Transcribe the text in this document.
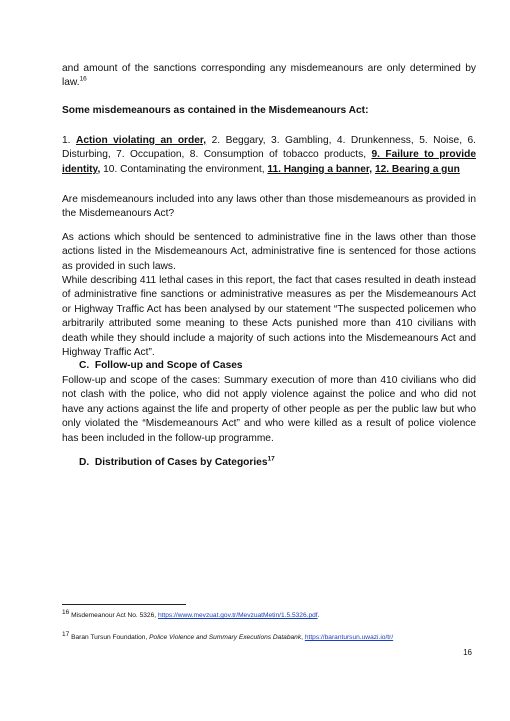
and amount of the sanctions corresponding any misdemeanours are only determined by law.$^{16}$

Some misdemeanours as contained in the Misdemeanours Act:

1. Action violating an order, 2. Beggary, 3. Gambling, 4. Drunkenness, 5. Noise, 6. Disturbing, 7. Occupation, 8. Consumption of tobacco products, 9. Failure to provide identity, 10. Contaminating the environment, 11. Hanging a banner, 12. Bearing a gun

Are misdemeanours included into any laws other than those misdemeanours as provided in the Misdemeanours Act?

As actions which should be sentenced to administrative fine in the laws other than those actions listed in the Misdemeanours Act, administrative fine is sentenced for those actions as provided in such laws.

While describing 411 lethal cases in this report, the fact that cases resulted in death instead of administrative fine sanctions or administrative measures as per the Misdemeanours Act or Highway Traffic Act has been analysed by our statement “The suspected policemen who arbitrarily attributed some meaning to these Acts punished more than 410 civilians with death while they should include a majority of such actions into the Misdemeanours Act and Highway Traffic Act”.

C. Follow-up and Scope of Cases

Follow-up and scope of the cases: Summary execution of more than 410 civilians who did not clash with the police, who did not apply violence against the police and who did not have any actions against the life and property of other people as per the public law but who only violated the “Misdemeanours Act” and who were killed as a result of police violence has been included in the follow-up programme.

D. Distribution of Cases by Categories$^{17}$
$^{16}$ Misdemeanour Act No. 5326, https://www.mevzuat.gov.tr/MevzuatMetin/1.5.5326.pdf.
$^{17}$ Baran Tursun Foundation, Police Violence and Summary Executions Databank, https://barantursun.uwazi.io/tr/
16
